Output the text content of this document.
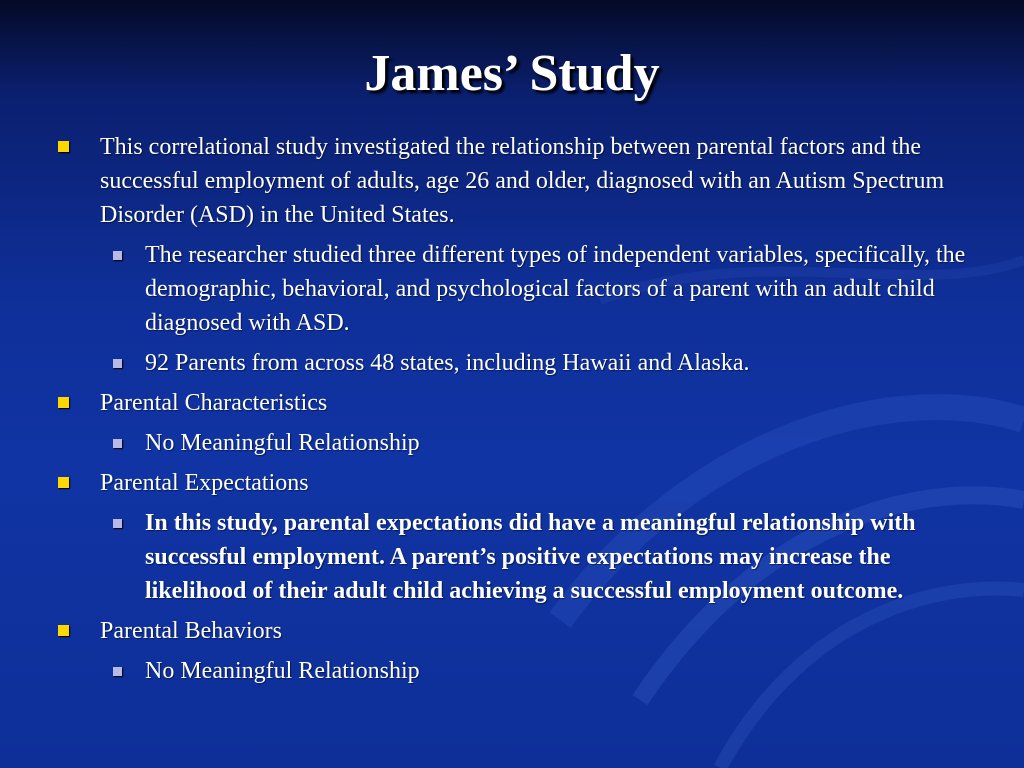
James’ Study
This correlational study investigated the relationship between parental factors and the successful employment of adults, age 26 and older, diagnosed with an Autism Spectrum Disorder (ASD) in the United States.
The researcher studied three different types of independent variables, specifically, the demographic, behavioral, and psychological factors of a parent with an adult child diagnosed with ASD.
92 Parents from across 48 states, including Hawaii and Alaska.
Parental Characteristics
No Meaningful Relationship
Parental Expectations
In this study, parental expectations did have a meaningful relationship with successful employment. A parent’s positive expectations may increase the likelihood of their adult child achieving a successful employment outcome.
Parental Behaviors
No Meaningful Relationship
